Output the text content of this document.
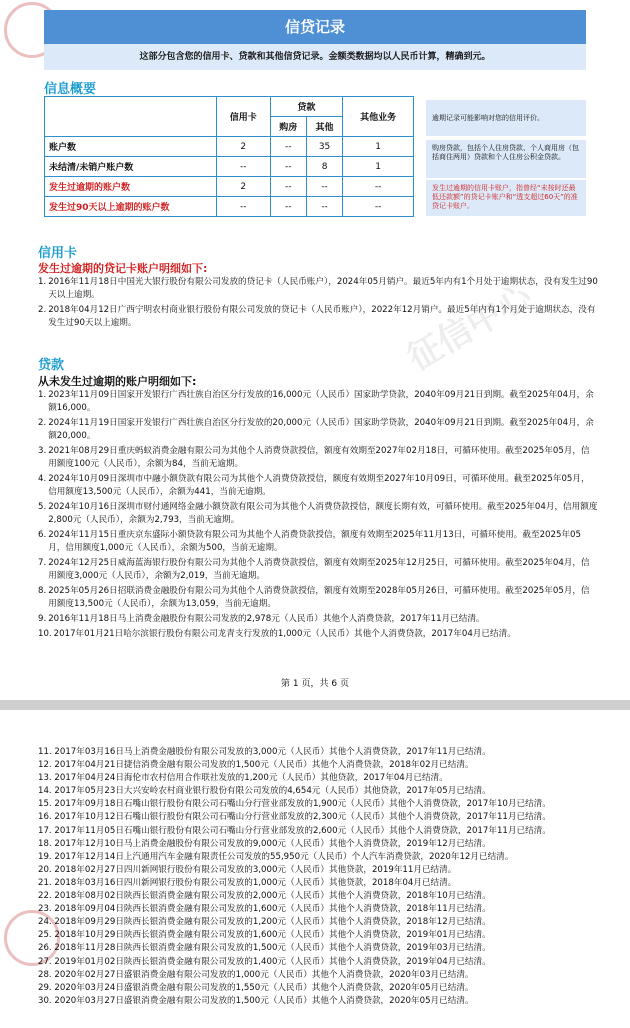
征信中心
信贷记录
这部分包含您的信用卡、贷款和其他信贷记录。金额类数据均以人民币计算，精确到元。
信息概要
	信用卡	贷款		其他业务
		购房	其他	
账户数	2	--	35	1
未结清/未销户账户数	--	--	8	1
发生过逾期的账户数	2	--	--	--
发生过90天以上逾期的账户数	--	--	--	--
逾期记录可能影响对您的信用评价。
购房贷款，包括个人住房贷款、个人商用房（包括商住两用）贷款和个人住房公积金贷款。
发生过逾期的信用卡账户，指曾经“未按时还最低还款额”的贷记卡账户和“透支超过60天”的准贷记卡账户。
信用卡
发生过逾期的贷记卡账户明细如下:
1. 2016年11月18日中国光大银行股份有限公司发放的贷记卡（人民币账户），2024年05月销户。最近5年内有1个月处于逾期状态，没有发生过90天以上逾期。
2. 2018年04月12日广西宁明农村商业银行股份有限公司发放的贷记卡（人民币账户），2022年12月销户。最近5年内有1个月处于逾期状态，没有发生过90天以上逾期。
贷款
从未发生过逾期的账户明细如下:
1. 2023年11月09日国家开发银行广西壮族自治区分行发放的16,000元（人民币）国家助学贷款，2040年09月21日到期。截至2025年04月，余额16,000。
2. 2024年11月19日国家开发银行广西壮族自治区分行发放的20,000元（人民币）国家助学贷款，2040年09月21日到期。截至2025年04月，余额20,000。
3. 2021年08月29日重庆蚂蚁消费金融有限公司为其他个人消费贷款授信，额度有效期至2027年02月18日，可循环使用。截至2025年05月，信用额度100元（人民币），余额为84，当前无逾期。
4. 2024年10月09日深圳市中融小额贷款有限公司为其他个人消费贷款授信，额度有效期至2027年10月09日，可循环使用。截至2025年05月，信用额度13,500元（人民币），余额为441，当前无逾期。
5. 2024年10月16日深圳市财付通网络金融小额贷款有限公司为其他个人消费贷款授信，额度长期有效，可循环使用。截至2025年04月，信用额度2,800元（人民币），余额为2,793，当前无逾期。
6. 2024年11月15日重庆京东盛际小额贷款有限公司为其他个人消费贷款授信，额度有效期至2025年11月13日，可循环使用。截至2025年05月，信用额度1,000元（人民币），余额为500，当前无逾期。
7. 2024年12月25日威海蓝海银行股份有限公司为其他个人消费贷款授信，额度有效期至2025年12月25日，可循环使用。截至2025年04月，信用额度3,000元（人民币），余额为2,019，当前无逾期。
8. 2025年05月26日招联消费金融股份有限公司为其他个人消费贷款授信，额度有效期至2028年05月26日，可循环使用。截至2025年05月，信用额度13,500元（人民币），余额为13,059，当前无逾期。
9. 2016年11月18日马上消费金融股份有限公司发放的2,978元（人民币）其他个人消费贷款，2017年11月已结清。
10. 2017年01月21日哈尔滨银行股份有限公司龙青支行发放的1,000元（人民币）其他个人消费贷款，2017年04月已结清。
第 1 页，共 6 页
11. 2017年03月16日马上消费金融股份有限公司发放的3,000元（人民币）其他个人消费贷款，2017年11月已结清。
12. 2017年04月21日捷信消费金融有限公司发放的1,500元（人民币）其他个人消费贷款，2018年02月已结清。
13. 2017年04月24日海伦市农村信用合作联社发放的1,200元（人民币）其他贷款，2017年04月已结清。
14. 2017年05月23日大兴安岭农村商业银行股份有限公司发放的4,654元（人民币）其他贷款，2017年05月已结清。
15. 2017年09月18日石嘴山银行股份有限公司石嘴山分行营业部发放的1,900元（人民币）其他个人消费贷款，2017年10月已结清。
16. 2017年10月12日石嘴山银行股份有限公司石嘴山分行营业部发放的2,300元（人民币）其他个人消费贷款，2017年11月已结清。
17. 2017年11月05日石嘴山银行股份有限公司石嘴山分行营业部发放的2,600元（人民币）其他个人消费贷款，2017年11月已结清。
18. 2017年12月10日马上消费金融股份有限公司发放的9,000元（人民币）其他个人消费贷款，2019年12月已结清。
19. 2017年12月14日上汽通用汽车金融有限责任公司发放的55,950元（人民币）个人汽车消费贷款，2020年12月已结清。
20. 2018年02月27日四川新网银行股份有限公司发放的3,000元（人民币）其他贷款，2019年11月已结清。
21. 2018年03月16日四川新网银行股份有限公司发放的1,000元（人民币）其他贷款，2018年04月已结清。
22. 2018年08月02日陕西长银消费金融有限公司发放的2,000元（人民币）其他个人消费贷款，2018年10月已结清。
23. 2018年09月04日陕西长银消费金融有限公司发放的1,600元（人民币）其他个人消费贷款，2018年11月已结清。
24. 2018年09月29日陕西长银消费金融有限公司发放的1,200元（人民币）其他个人消费贷款，2018年12月已结清。
25. 2018年10月29日陕西长银消费金融有限公司发放的1,600元（人民币）其他个人消费贷款，2019年01月已结清。
26. 2018年11月28日陕西长银消费金融有限公司发放的1,500元（人民币）其他个人消费贷款，2019年03月已结清。
27. 2019年01月02日陕西长银消费金融有限公司发放的1,400元（人民币）其他个人消费贷款，2019年04月已结清。
28. 2020年02月27日盛银消费金融有限公司发放的1,000元（人民币）其他个人消费贷款，2020年03月已结清。
29. 2020年03月24日盛银消费金融有限公司发放的1,550元（人民币）其他个人消费贷款，2020年05月已结清。
30. 2020年03月27日盛银消费金融有限公司发放的1,500元（人民币）其他个人消费贷款，2020年05月已结清。
